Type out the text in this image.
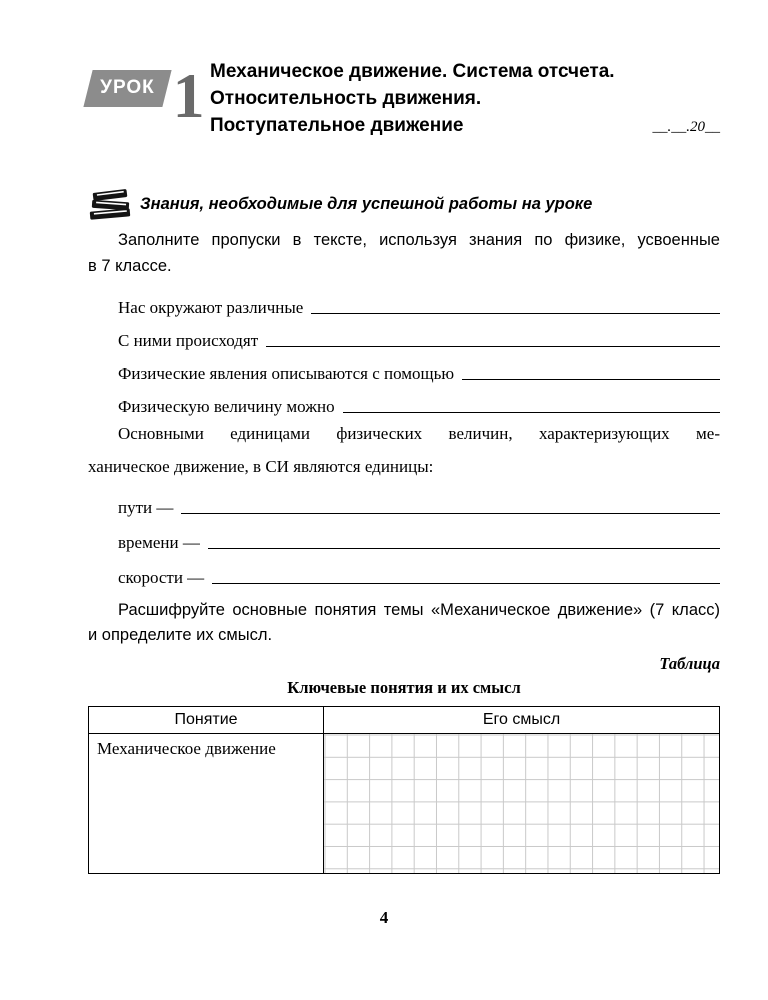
УРОК 1 Механическое движение. Система отсчета.
Относительность движения.
Поступательное движение	__.__.20__
Знания, необходимые для успешной работы на уроке

Заполните пропуски в тексте, используя знания по физике, усвоенные

в 7 классе.

Нас окружают различные
С ними происходят
Физические явления описываются с помощью
Физическую величину можно
Основными единицами физических величин, характеризующих ме-
ханическое движение, в СИ являются единицы:
пути —
времени —
скорости —
Расшифруйте основные понятия темы «Механическое движение» (7 класс)
и определите их смысл.
Таблица
Ключевые понятия и их смысл
Понятие	Его смысл
Механическое движение	
4
